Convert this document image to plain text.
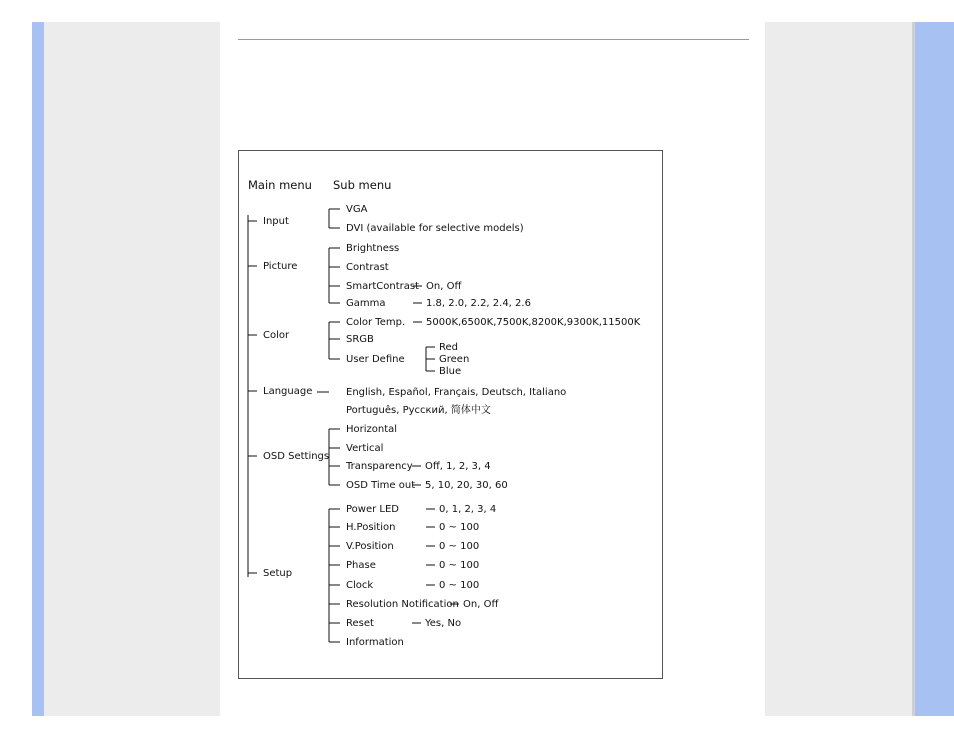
Main menu Sub menu
Input
VGA
DVI (available for selective models)
Picture
Brightness
Contrast
SmartContrast On, Off
Gamma	1.8, 2.0, 2.2, 2.4, 2.6
Color
Color Temp. 5000K,6500K,7500K,8200K,9300K,11500K
SRGB
User Define
Red
Green
Blue
Language	English, Español, Français, Deutsch, Italiano
Português, Русский, 简体中文
OSD Settings
Horizontal
Vertical
Transparency Off, 1, 2, 3, 4
OSD Time out 5, 10, 20, 30, 60
Setup
Power LED	0, 1, 2, 3, 4
H.Position	0 ~ 100
V.Position	0 ~ 100
Phase	0 ~ 100
Clock	0 ~ 100
Resolution Notification On, Off
Reset	Yes, No
Information
